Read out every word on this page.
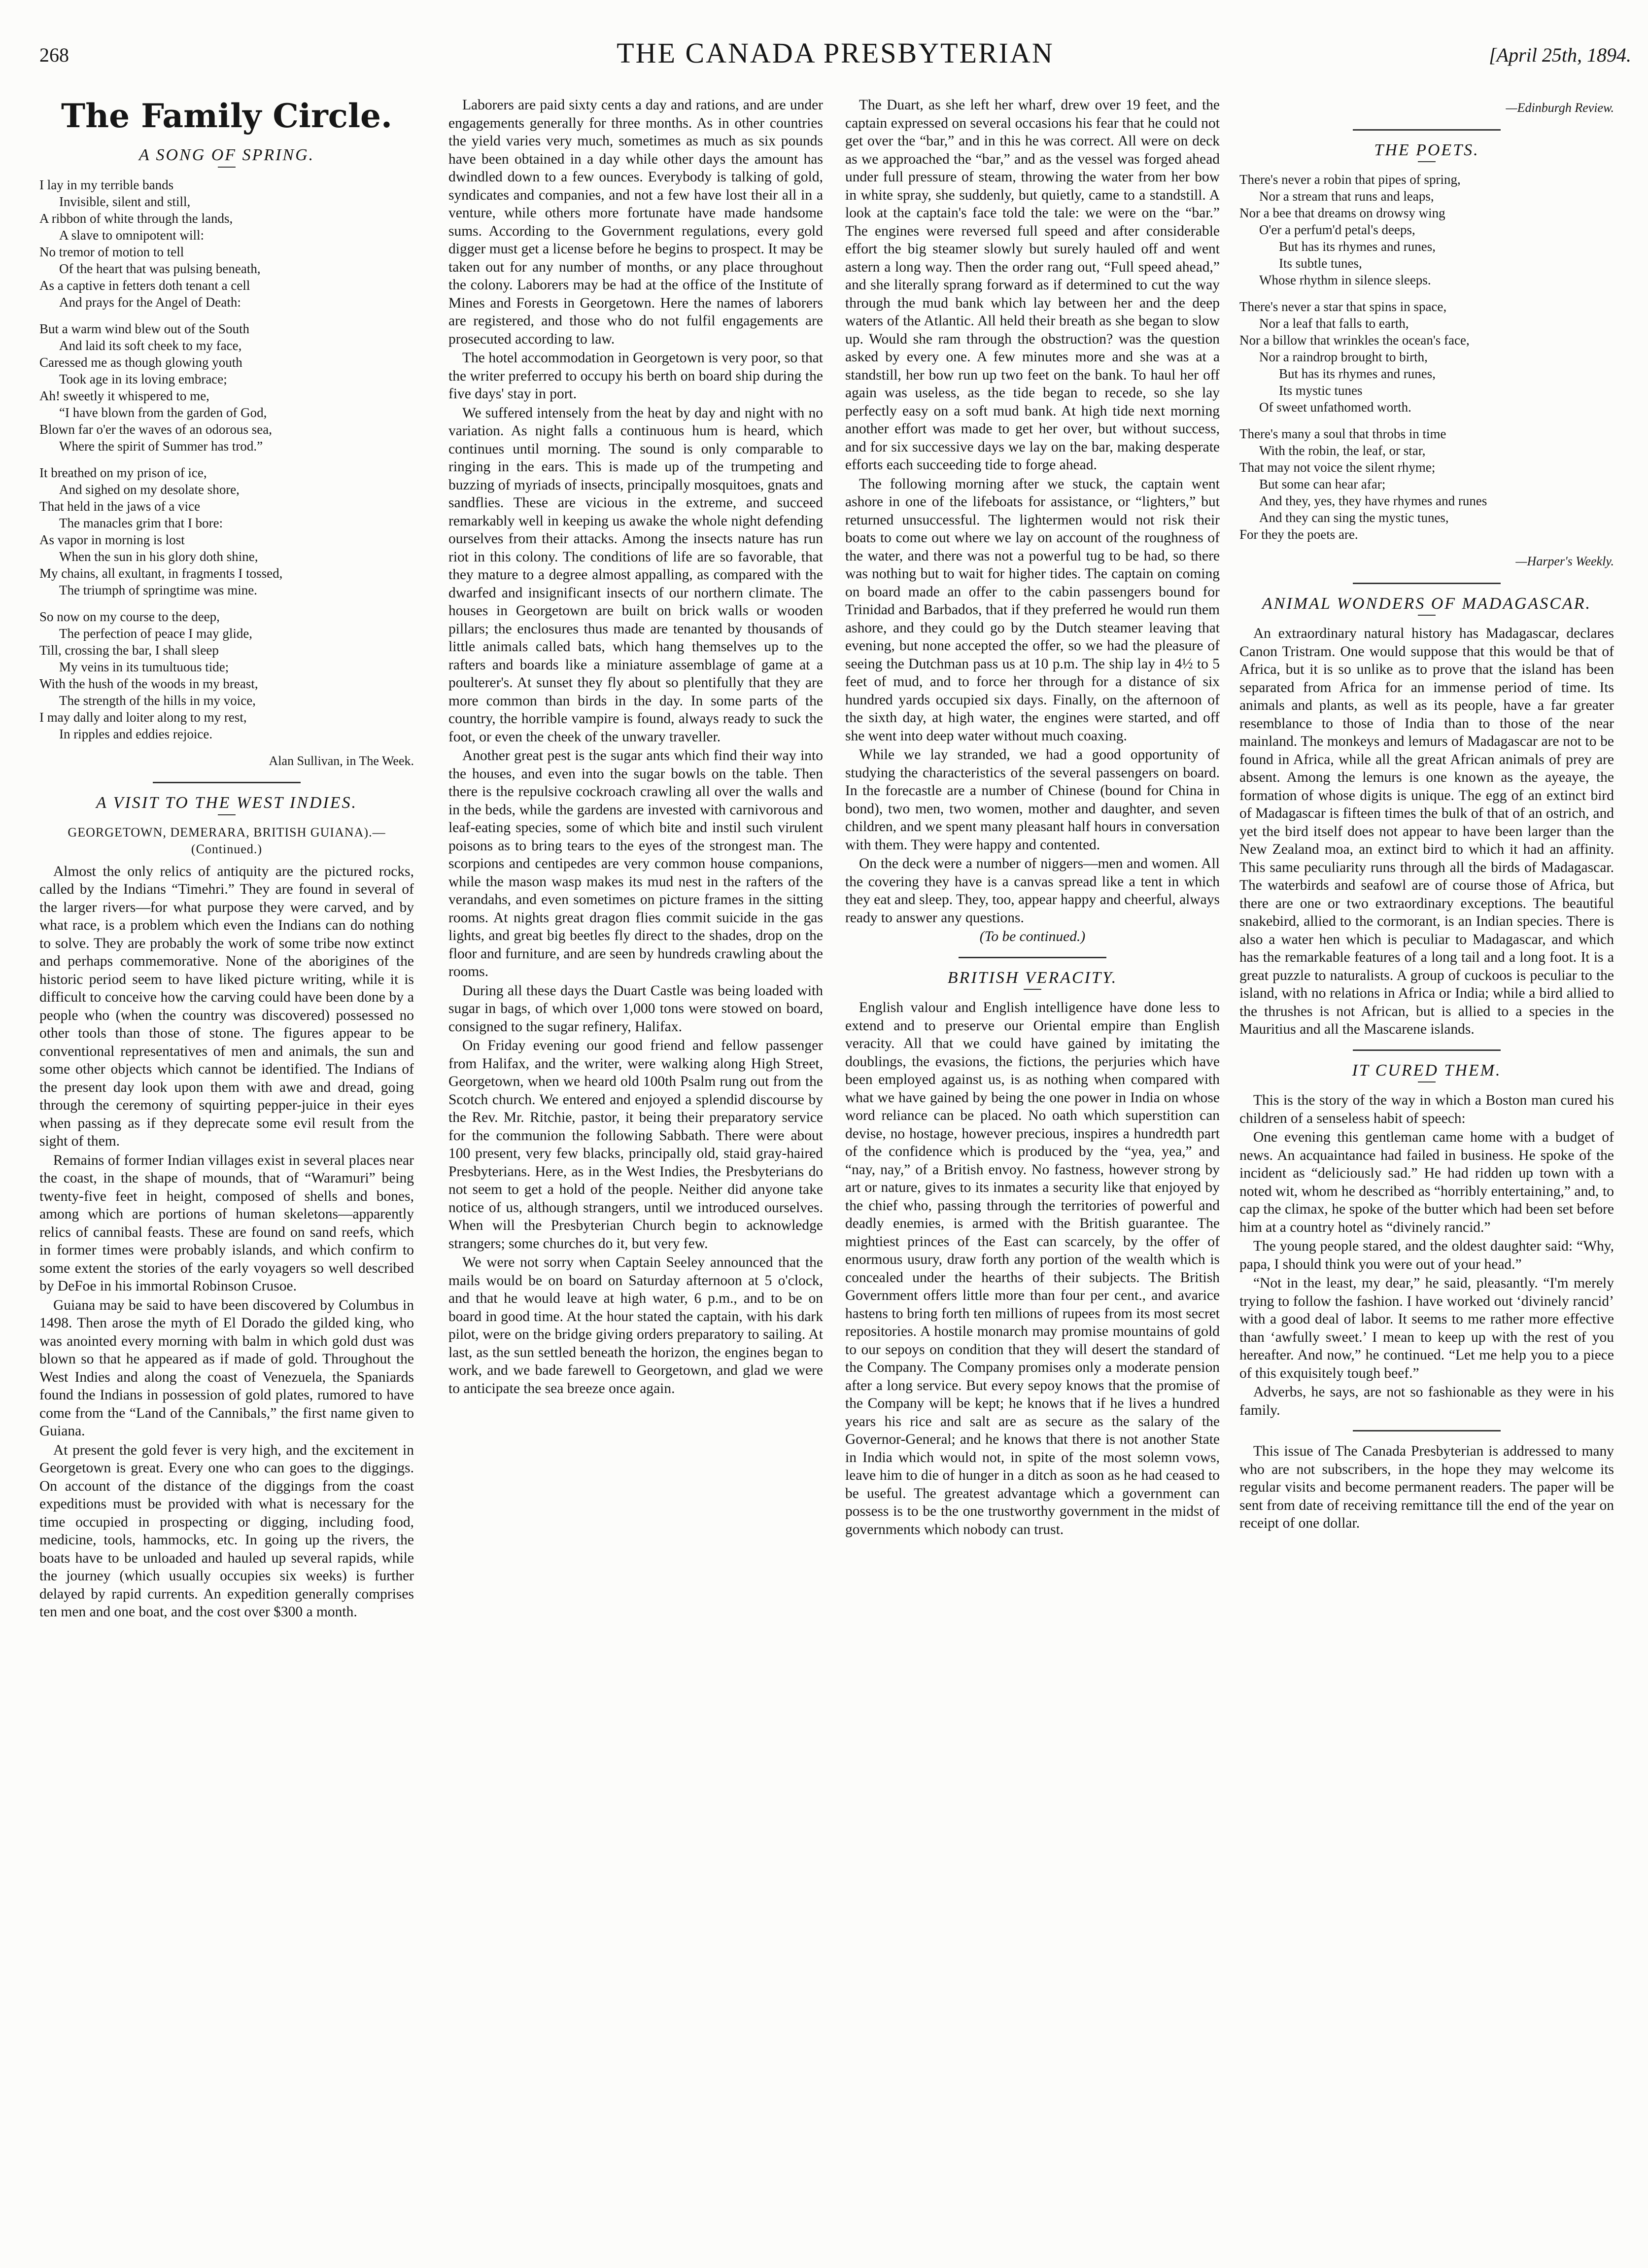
268	THE CANADA PRESBYTERIAN	[April 25th, 1894.
The Family Circle.
A SONG OF SPRING.
I lay in my terrible bands
Invisible, silent and still,
A ribbon of white through the lands,
A slave to omnipotent will:
No tremor of motion to tell
Of the heart that was pulsing beneath,
As a captive in fetters doth tenant a cell
And prays for the Angel of Death:
But a warm wind blew out of the South
And laid its soft cheek to my face,
Caressed me as though glowing youth
Took age in its loving embrace;
Ah! sweetly it whispered to me,
“I have blown from the garden of God,
Blown far o'er the waves of an odorous sea,
Where the spirit of Summer has trod.”
It breathed on my prison of ice,
And sighed on my desolate shore,
That held in the jaws of a vice
The manacles grim that I bore:
As vapor in morning is lost
When the sun in his glory doth shine,
My chains, all exultant, in fragments I tossed,
The triumph of springtime was mine.
So now on my course to the deep,
The perfection of peace I may glide,
Till, crossing the bar, I shall sleep
My veins in its tumultuous tide;
With the hush of the woods in my breast,
The strength of the hills in my voice,
I may dally and loiter along to my rest,
In ripples and eddies rejoice.
Alan Sullivan, in The Week.
A VISIT TO THE WEST INDIES.
GEORGETOWN, DEMERARA, BRITISH GUIANA).—(Continued.)

Almost the only relics of antiquity are the pictured rocks, called by the Indians “Timehri.” They are found in several of the larger rivers—for what purpose they were carved, and by what race, is a problem which even the Indians can do nothing to solve. They are probably the work of some tribe now extinct and perhaps commemorative. None of the aborigines of the historic period seem to have liked picture writing, while it is difficult to conceive how the carving could have been done by a people who (when the country was discovered) possessed no other tools than those of stone. The figures appear to be conventional representatives of men and animals, the sun and some other objects which cannot be identified. The Indians of the present day look upon them with awe and dread, going through the ceremony of squirting pepper-juice in their eyes when passing as if they deprecate some evil result from the sight of them.

Remains of former Indian villages exist in several places near the coast, in the shape of mounds, that of “Waramuri” being twenty-five feet in height, composed of shells and bones, among which are portions of human skeletons—apparently relics of cannibal feasts. These are found on sand reefs, which in former times were probably islands, and which confirm to some extent the stories of the early voyagers so well described by DeFoe in his immortal Robinson Crusoe.

Guiana may be said to have been discovered by Columbus in 1498. Then arose the myth of El Dorado the gilded king, who was anointed every morning with balm in which gold dust was blown so that he appeared as if made of gold. Throughout the West Indies and along the coast of Venezuela, the Spaniards found the Indians in possession of gold plates, rumored to have come from the “Land of the Cannibals,” the first name given to Guiana.

At present the gold fever is very high, and the excitement in Georgetown is great. Every one who can goes to the diggings. On account of the distance of the diggings from the coast expeditions must be provided with what is necessary for the time occupied in prospecting or digging, including food, medicine, tools, hammocks, etc. In going up the rivers, the boats have to be unloaded and hauled up several rapids, while the journey (which usually occupies six weeks) is further delayed by rapid currents. An expedition generally comprises ten men and one boat, and the cost over $300 a month.

Laborers are paid sixty cents a day and rations, and are under engagements generally for three months. As in other countries the yield varies very much, sometimes as much as six pounds have been obtained in a day while other days the amount has dwindled down to a few ounces. Everybody is talking of gold, syndicates and companies, and not a few have lost their all in a venture, while others more fortunate have made handsome sums. According to the Government regulations, every gold digger must get a license before he begins to prospect. It may be taken out for any number of months, or any place throughout the colony. Laborers may be had at the office of the Institute of Mines and Forests in Georgetown. Here the names of laborers are registered, and those who do not fulfil engagements are prosecuted according to law.

The hotel accommodation in Georgetown is very poor, so that the writer preferred to occupy his berth on board ship during the five days' stay in port.

We suffered intensely from the heat by day and night with no variation. As night falls a continuous hum is heard, which continues until morning. The sound is only comparable to ringing in the ears. This is made up of the trumpeting and buzzing of myriads of insects, principally mosquitoes, gnats and sandflies. These are vicious in the extreme, and succeed remarkably well in keeping us awake the whole night defending ourselves from their attacks. Among the insects nature has run riot in this colony. The conditions of life are so favorable, that they mature to a degree almost appalling, as compared with the dwarfed and insignificant insects of our northern climate. The houses in Georgetown are built on brick walls or wooden pillars; the enclosures thus made are tenanted by thousands of little animals called bats, which hang themselves up to the rafters and boards like a miniature assemblage of game at a poulterer's. At sunset they fly about so plentifully that they are more common than birds in the day. In some parts of the country, the horrible vampire is found, always ready to suck the foot, or even the cheek of the unwary traveller.

Another great pest is the sugar ants which find their way into the houses, and even into the sugar bowls on the table. Then there is the repulsive cockroach crawling all over the walls and in the beds, while the gardens are invested with carnivorous and leaf-eating species, some of which bite and instil such virulent poisons as to bring tears to the eyes of the strongest man. The scorpions and centipedes are very common house companions, while the mason wasp makes its mud nest in the rafters of the verandahs, and even sometimes on picture frames in the sitting rooms. At nights great dragon flies commit suicide in the gas lights, and great big beetles fly direct to the shades, drop on the floor and furniture, and are seen by hundreds crawling about the rooms.

During all these days the Duart Castle was being loaded with sugar in bags, of which over 1,000 tons were stowed on board, consigned to the sugar refinery, Halifax.

On Friday evening our good friend and fellow passenger from Halifax, and the writer, were walking along High Street, Georgetown, when we heard old 100th Psalm rung out from the Scotch church. We entered and enjoyed a splendid discourse by the Rev. Mr. Ritchie, pastor, it being their preparatory service for the communion the following Sabbath. There were about 100 present, very few blacks, principally old, staid gray-haired Presbyterians. Here, as in the West Indies, the Presbyterians do not seem to get a hold of the people. Neither did anyone take notice of us, although strangers, until we introduced ourselves. When will the Presbyterian Church begin to acknowledge strangers; some churches do it, but very few.

We were not sorry when Captain Seeley announced that the mails would be on board on Saturday afternoon at 5 o'clock, and that he would leave at high water, 6 p.m., and to be on board in good time. At the hour stated the captain, with his dark pilot, were on the bridge giving orders preparatory to sailing. At last, as the sun settled beneath the horizon, the engines began to work, and we bade farewell to Georgetown, and glad we were to anticipate the sea breeze once again.

The Duart, as she left her wharf, drew over 19 feet, and the captain expressed on several occasions his fear that he could not get over the “bar,” and in this he was correct. All were on deck as we approached the “bar,” and as the vessel was forged ahead under full pressure of steam, throwing the water from her bow in white spray, she suddenly, but quietly, came to a standstill. A look at the captain's face told the tale: we were on the “bar.” The engines were reversed full speed and after considerable effort the big steamer slowly but surely hauled off and went astern a long way. Then the order rang out, “Full speed ahead,” and she literally sprang forward as if determined to cut the way through the mud bank which lay between her and the deep waters of the Atlantic. All held their breath as she began to slow up. Would she ram through the obstruction? was the question asked by every one. A few minutes more and she was at a standstill, her bow run up two feet on the bank. To haul her off again was useless, as the tide began to recede, so she lay perfectly easy on a soft mud bank. At high tide next morning another effort was made to get her over, but without success, and for six successive days we lay on the bar, making desperate efforts each succeeding tide to forge ahead.

The following morning after we stuck, the captain went ashore in one of the lifeboats for assistance, or “lighters,” but returned unsuccessful. The lightermen would not risk their boats to come out where we lay on account of the roughness of the water, and there was not a powerful tug to be had, so there was nothing but to wait for higher tides. The captain on coming on board made an offer to the cabin passengers bound for Trinidad and Barbados, that if they preferred he would run them ashore, and they could go by the Dutch steamer leaving that evening, but none accepted the offer, so we had the pleasure of seeing the Dutchman pass us at 10 p.m. The ship lay in 4½ to 5 feet of mud, and to force her through for a distance of six hundred yards occupied six days. Finally, on the afternoon of the sixth day, at high water, the engines were started, and off she went into deep water without much coaxing.

While we lay stranded, we had a good opportunity of studying the characteristics of the several passengers on board. In the forecastle are a number of Chinese (bound for China in bond), two men, two women, mother and daughter, and seven children, and we spent many pleasant half hours in conversation with them. They were happy and contented.

On the deck were a number of niggers—men and women. All the covering they have is a canvas spread like a tent in which they eat and sleep. They, too, appear happy and cheerful, always ready to answer any questions.

(To be continued.)

BRITISH VERACITY.

English valour and English intelligence have done less to extend and to preserve our Oriental empire than English veracity. All that we could have gained by imitating the doublings, the evasions, the fictions, the perjuries which have been employed against us, is as nothing when compared with what we have gained by being the one power in India on whose word reliance can be placed. No oath which superstition can devise, no hostage, however precious, inspires a hundredth part of the confidence which is produced by the “yea, yea,” and “nay, nay,” of a British envoy. No fastness, however strong by art or nature, gives to its inmates a security like that enjoyed by the chief who, passing through the territories of powerful and deadly enemies, is armed with the British guarantee. The mightiest princes of the East can scarcely, by the offer of enormous usury, draw forth any portion of the wealth which is concealed under the hearths of their subjects. The British Government offers little more than four per cent., and avarice hastens to bring forth ten millions of rupees from its most secret repositories. A hostile monarch may promise mountains of gold to our sepoys on condition that they will desert the standard of the Company. The Company promises only a moderate pension after a long service. But every sepoy knows that the promise of the Company will be kept; he knows that if he lives a hundred years his rice and salt are as secure as the salary of the Governor-General; and he knows that there is not another State in India which would not, in spite of the most solemn vows, leave him to die of hunger in a ditch as soon as he had ceased to be useful. The greatest advantage which a government can possess is to be the one trustworthy government in the midst of governments which nobody can trust.

—Edinburgh Review.
THE POETS.
There's never a robin that pipes of spring,
Nor a stream that runs and leaps,
Nor a bee that dreams on drowsy wing
O'er a perfum'd petal's deeps,
But has its rhymes and runes,
Its subtle tunes,
Whose rhythm in silence sleeps.
There's never a star that spins in space,
Nor a leaf that falls to earth,
Nor a billow that wrinkles the ocean's face,
Nor a raindrop brought to birth,
But has its rhymes and runes,
Its mystic tunes
Of sweet unfathomed worth.
There's many a soul that throbs in time
With the robin, the leaf, or star,
That may not voice the silent rhyme;
But some can hear afar;
And they, yes, they have rhymes and runes
And they can sing the mystic tunes,
For they the poets are.
—Harper's Weekly.
ANIMAL WONDERS OF MADAGASCAR.

An extraordinary natural history has Madagascar, declares Canon Tristram. One would suppose that this would be that of Africa, but it is so unlike as to prove that the island has been separated from Africa for an immense period of time. Its animals and plants, as well as its people, have a far greater resemblance to those of India than to those of the near mainland. The monkeys and lemurs of Madagascar are not to be found in Africa, while all the great African animals of prey are absent. Among the lemurs is one known as the ayeaye, the formation of whose digits is unique. The egg of an extinct bird of Madagascar is fifteen times the bulk of that of an ostrich, and yet the bird itself does not appear to have been larger than the New Zealand moa, an extinct bird to which it had an affinity. This same peculiarity runs through all the birds of Madagascar. The waterbirds and seafowl are of course those of Africa, but there are one or two extraordinary exceptions. The beautiful snakebird, allied to the cormorant, is an Indian species. There is also a water hen which is peculiar to Madagascar, and which has the remarkable features of a long tail and a long foot. It is a great puzzle to naturalists. A group of cuckoos is peculiar to the island, with no relations in Africa or India; while a bird allied to the thrushes is not African, but is allied to a species in the Mauritius and all the Mascarene islands.

IT CURED THEM.

This is the story of the way in which a Boston man cured his children of a senseless habit of speech:

One evening this gentleman came home with a budget of news. An acquaintance had failed in business. He spoke of the incident as “deliciously sad.” He had ridden up town with a noted wit, whom he described as “horribly entertaining,” and, to cap the climax, he spoke of the butter which had been set before him at a country hotel as “divinely rancid.”

The young people stared, and the oldest daughter said: “Why, papa, I should think you were out of your head.”

“Not in the least, my dear,” he said, pleasantly. “I'm merely trying to follow the fashion. I have worked out ‘divinely rancid’ with a good deal of labor. It seems to me rather more effective than ‘awfully sweet.’ I mean to keep up with the rest of you hereafter. And now,” he continued. “Let me help you to a piece of this exquisitely tough beef.”

Adverbs, he says, are not so fashionable as they were in his family.

This issue of The Canada Presbyterian is addressed to many who are not subscribers, in the hope they may welcome its regular visits and become permanent readers. The paper will be sent from date of receiving remittance till the end of the year on receipt of one dollar.
